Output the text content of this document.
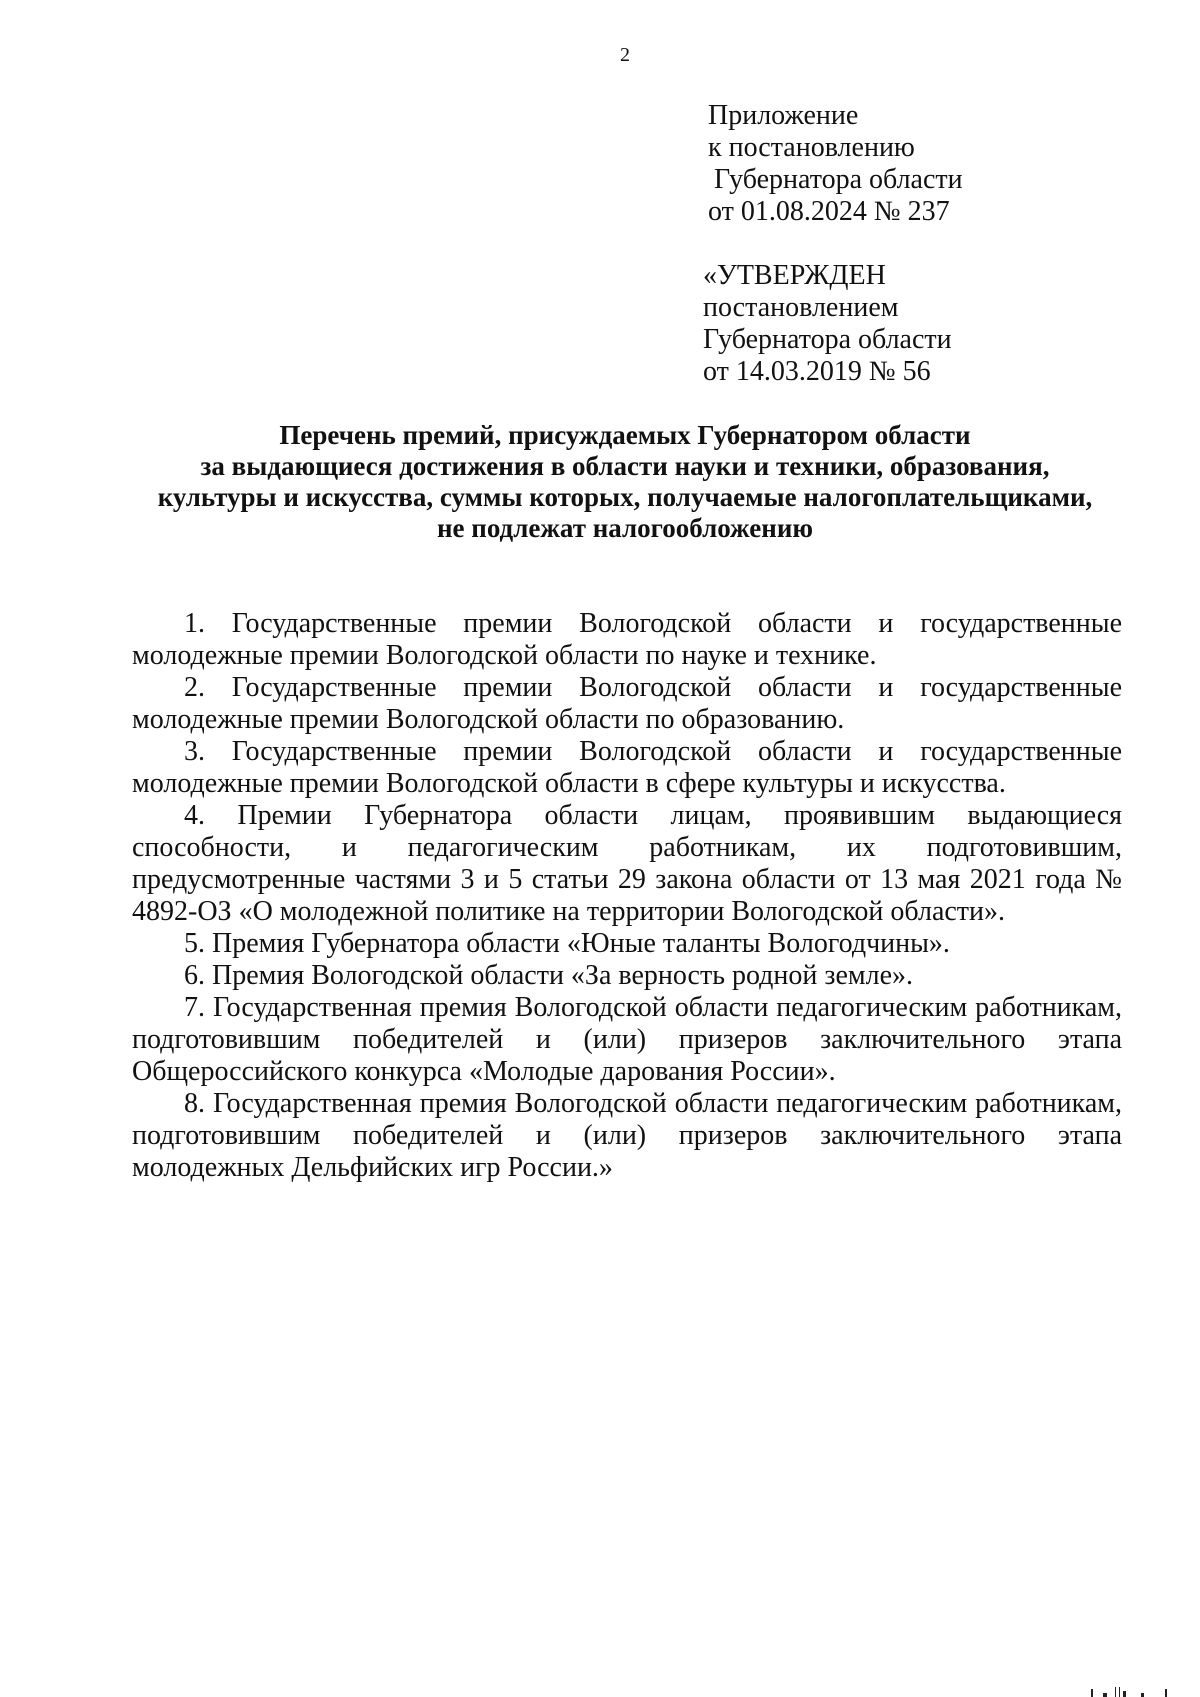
2
Приложение
к постановлению
Губернатора области
от 01.08.2024 № 237
«УТВЕРЖДЕН
постановлением
Губернатора области
от 14.03.2019 № 56
Перечень премий, присуждаемых Губернатором области
за выдающиеся достижения в области науки и техники, образования,
культуры и искусства, суммы которых, получаемые налогоплательщиками,
не подлежат налогообложению

1. Государственные премии Вологодской области и государственные молодежные премии Вологодской области по науке и технике.

2. Государственные премии Вологодской области и государственные молодежные премии Вологодской области по образованию.

3. Государственные премии Вологодской области и государственные молодежные премии Вологодской области в сфере культуры и искусства.

4. Премии Губернатора области лицам, проявившим выдающиеся способности, и педагогическим работникам, их подготовившим, предусмотренные частями 3 и 5 статьи 29 закона области от 13 мая 2021 года № 4892-ОЗ «О молодежной политике на территории Вологодской области».

5. Премия Губернатора области «Юные таланты Вологодчины».

6. Премия Вологодской области «За верность родной земле».

7. Государственная премия Вологодской области педагогическим работникам, подготовившим победителей и (или) призеров заключительного этапа Общероссийского конкурса «Молодые дарования России».

8. Государственная премия Вологодской области педагогическим работникам, подготовившим победителей и (или) призеров заключительного этапа молодежных Дельфийских игр России.»
